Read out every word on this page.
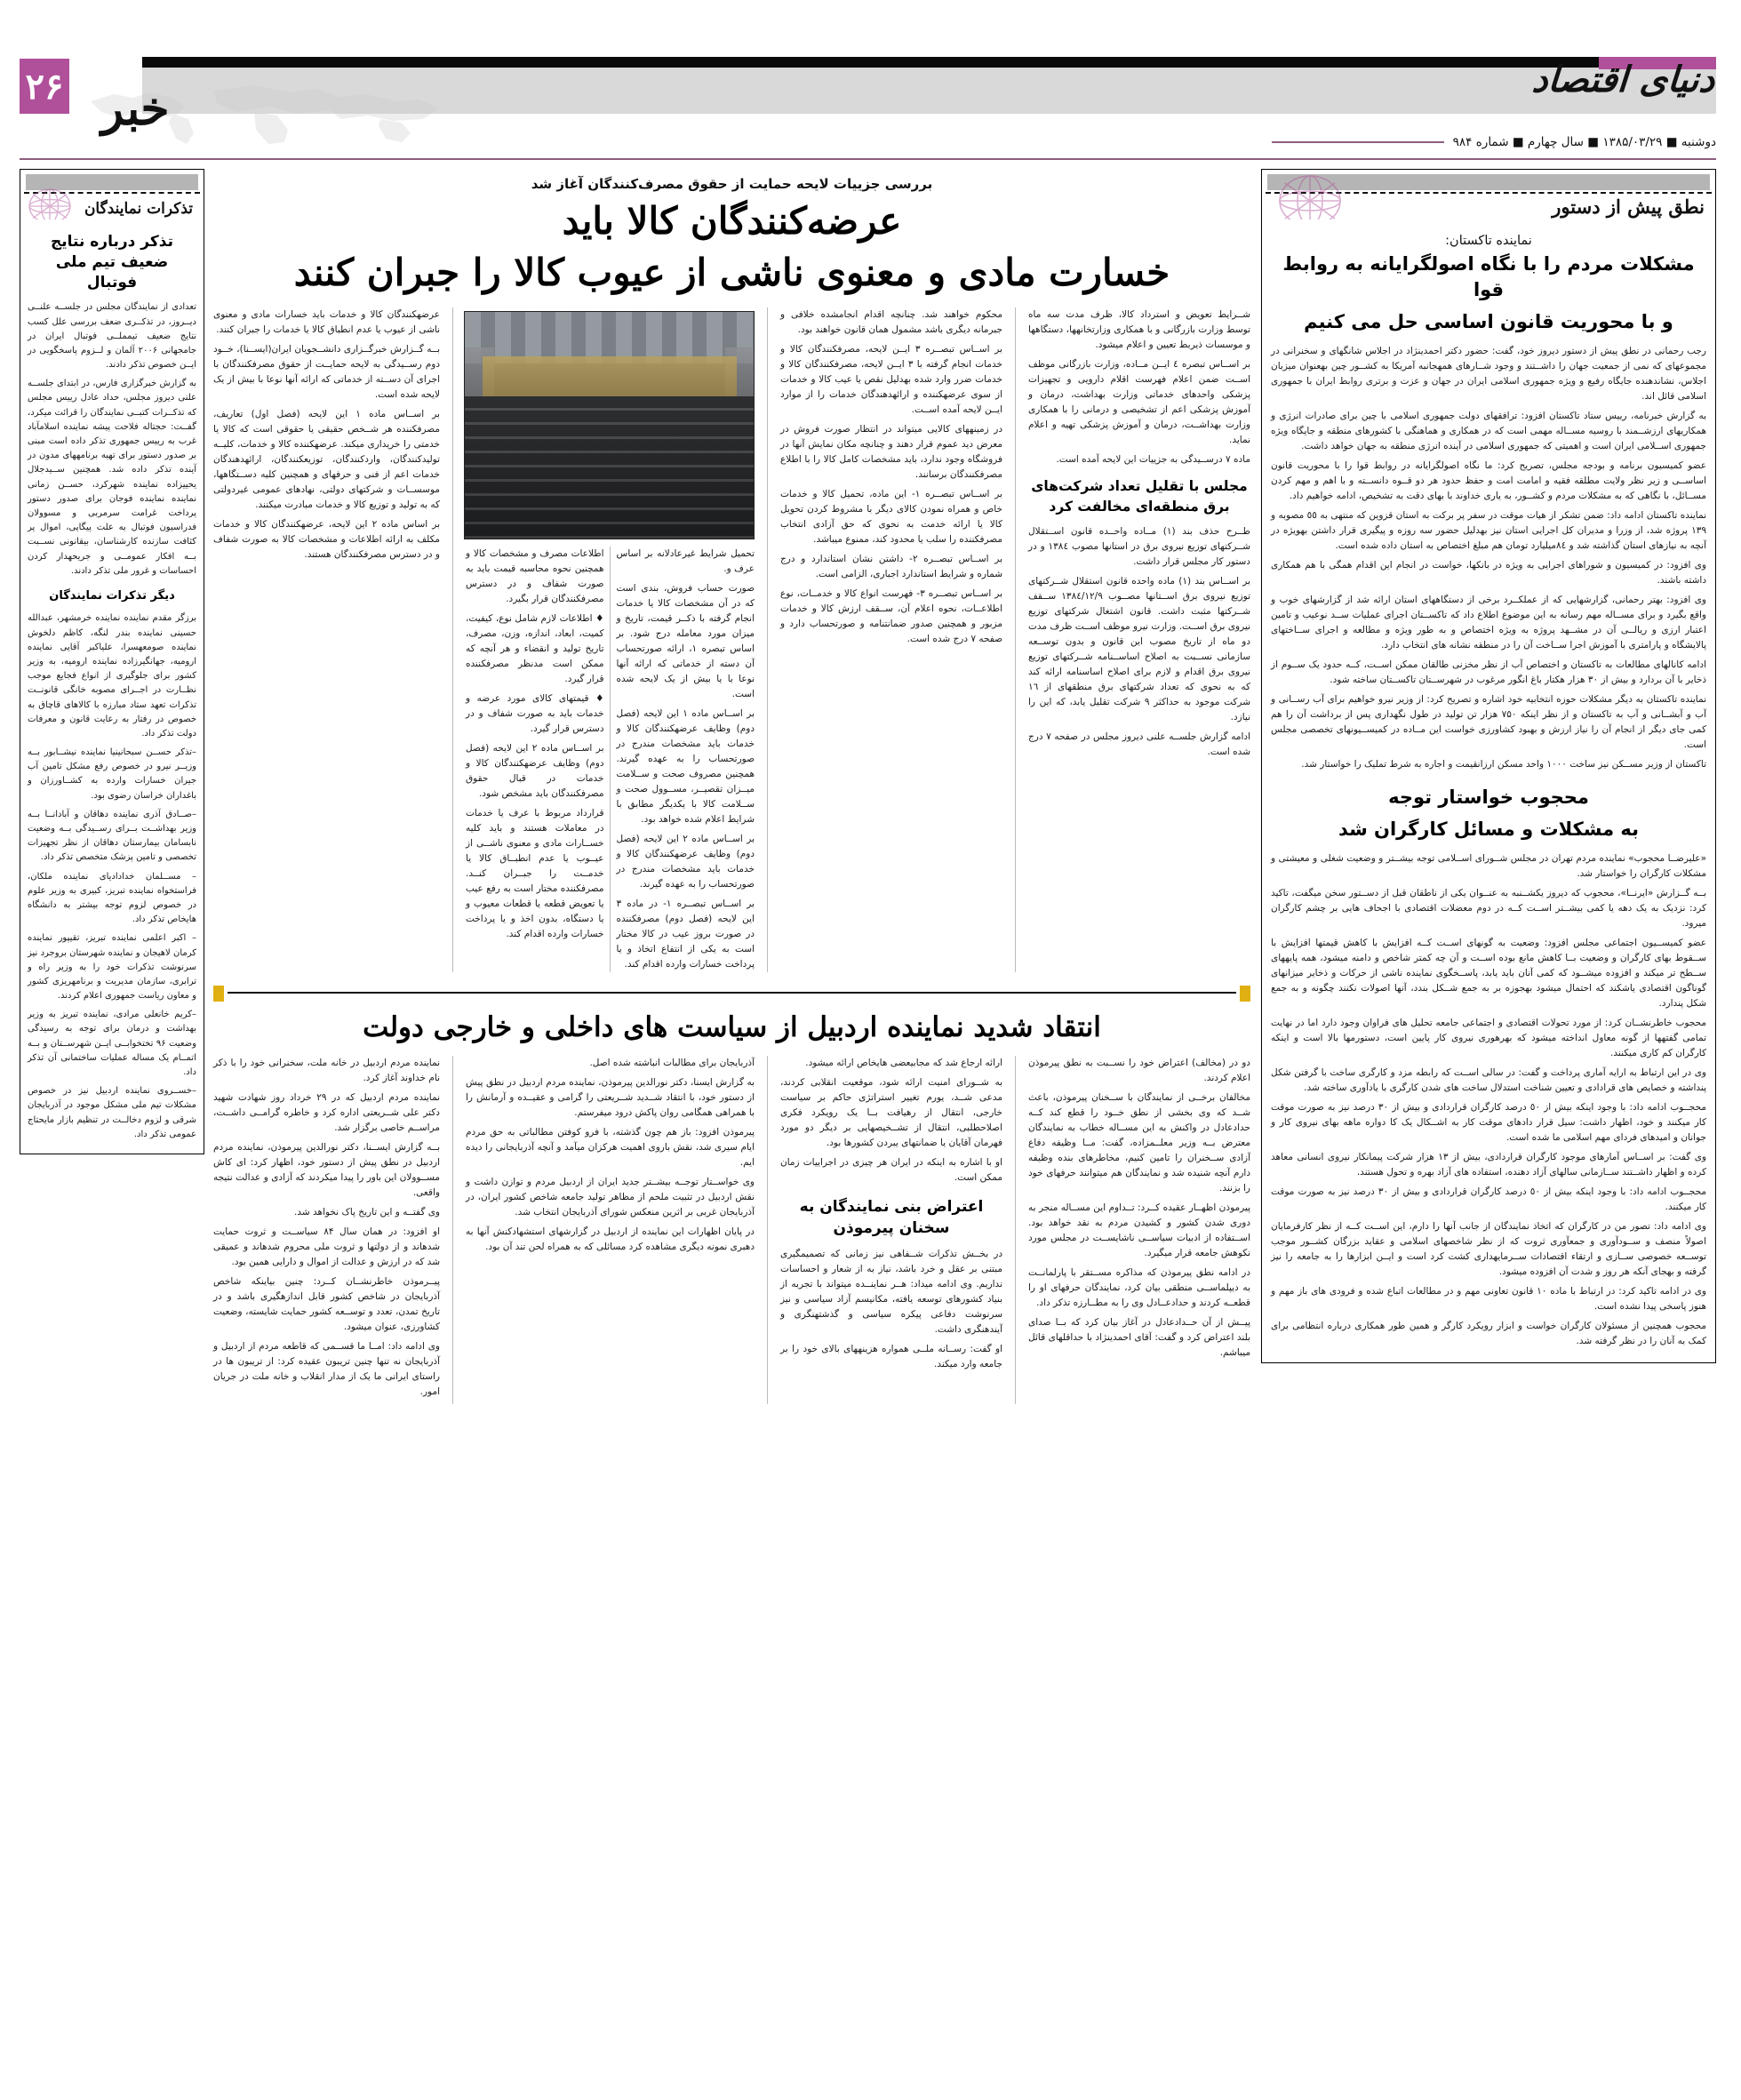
دنیای اقتصاد
۲۶ خبر
دوشنبه ■ ۱۳۸۵/۰۳/۲۹ ■ سال چهارم ■ شماره ۹۸۴
نطق پیش از دستور
نماینده تاکستان:
مشکلات مردم را با نگاه اصولگرایانه به روابط قوا
و با محوریت قانون اساسی حل می کنیم

رجب رحمانی در نطق پیش از دستور دیروز خود، گفت: حضور دکتر احمدینژاد در اجلاس شانگهای و سخنرانی در مجموعهای که نمی از جمعیت جهان را داشــتند و وجود شــارهای همهجانبه آمریکا به کشــور چین بهعنوان میزبان اجلاس، نشاندهنده جایگاه رفیع و ویژه جمهوری اسلامی ایران در جهان و عزت و برتری روابط ایران با جمهوری اسلامی قائل اند.

به گزارش خبرنامه، رییس ستاد تاکستان افزود: ترافقهای دولت جمهوری اسلامی با چین برای صادرات انرژی و همکاریهای ارزشــمند با روسیه مســاله مهمی است که در همکاری و هماهنگی با کشورهای منطقه و جایگاه ویژه جمهوری اســلامی ایران است و اهمیتی که جمهوری اسلامی در آینده انرژی منطقه به جهان خواهد داشت.

عضو کمیسیون برنامه و بودجه مجلس، تصریح کرد: ما نگاه اصولگرایانه در روابط قوا را با محوریت قانون اساســی و زیر نظر ولایت مطلقه فقیه و امامت امت و حفظ حدود هر دو قــوه دانســته و با اهم و مهم کردن مســائل، با نگاهی که به مشکلات مردم و کشــور، به یاری خداوند با بهای دقت به تشخیص، ادامه خواهیم داد.

نماینده تاکستان ادامه داد: ضمن تشکر از هیات موقت در سفر پر برکت به استان قزوین که منتهی به ٥٥ مصوبه و ١٣٩ پروژه شد، از وزرا و مدیران کل اجرایی استان نیز بهدلیل حضور سه روزه و پیگیری قرار داشتن بهویژه در آنچه به نیازهای استان گذاشته شد و ٨٤میلیارد تومان هم مبلغ اختصاص به استان داده شده است.

وی افزود: در کمیسیون و شوراهای اجرایی به ویژه در بانکها، خواست در انجام این اقدام همگی با هم همکاری داشته باشند.

وی افزود: بهتر رحمانی، گزارشهایی که از عملکــرد برخی از دستگاههای استان ارائه شد از گزارشهای خوب و واقع بگیرد و برای مســاله مهم رسانه به این موضوع اطلاع داد که تاکســتان اجرای عملیات ســد نوعیب و تامین اعتبار ارزی و ریالــی آن در مشــهد پروژه به ویژه اختصاص و به طور ویژه و مطالعه و اجرای ســاختهای پالایشگاه و پارامتری با آموزش اجرا ســاخت آن را در منطقه نشانه های انتخاب دارد.

ادامه کانالهای مطالعات به تاکستان و اختصاص آب از نظر مخزنی طالقان ممکن اســت، کــه حدود یک ســوم از ذخایر با آن بردارد و بیش از ۳۰ هزار هکتار باغ انگور مرغوب در شهرســتان تاکســتان ساخته شود.

نماینده تاکستان به دیگر مشکلات حوزه انتخابیه خود اشاره و تصریح کرد: از وزیر نیرو خواهیم برای آب رســانی و آب و آبشــانی و آب به تاکستان و از نظر اینکه ۷۵۰ هزار تن تولید در طول نگهداری پس از برداشت آن را هم کمی جای دیگر از انجام آن را نیاز ارزش و بهبود کشاورزی خواست این مــاده در کمیســیونهای تخصصی مجلس است.

تاکستان از وزیر مســکن نیز ساخت ١٠٠٠ واحد مسکن ارزانقیمت و اجاره به شرط تملیک را خواستار شد.

محجوب خواستار توجه
به مشکلات و مسائل کارگران شد

«علیرضــا محجوب» نماینده مردم تهران در مجلس شــورای اســلامی توجه بیشــتر و وضعیت شغلی و معیشتی و مشکلات کارگران را خواستار شد.

بــه گــزارش «ایرنــا»، محجوب که دیروز یکشــنبه به عنــوان یکی از ناطقان قبل از دســتور سخن میگفت، تاکید کرد: نزدیک به یک دهه یا کمی بیشــتر اســت کــه در دوم معضلات اقتصادی با اجحاف هایی بر چشم کارگران میرود.

عضو کمیســیون اجتماعی مجلس افزود: وضعیت به گونهای اســت کــه افزایش با کاهش قیمتها افزایش با ســقوط بهای کارگران و وضعیت بــا کاهش مانع بوده اســت و آن چه کمتر شاخص و دامنه میشود، همه پایههای ســطح تر میکند و افزوده میشــود که کمی آنان باید یابد، پاســخگوی نماینده ناشی از حرکات و ذخایر میزانهای گوناگون اقتصادی یاشکند که احتمال میشود بهجوزه بر به جمع شــکل بندد، آنها اصولات نکنند چگونه و به جمع شکل پندارد.

محجوب خاطرنشــان کرد: از مورد تحولات اقتصادی و اجتماعی جامعه تحلیل های فراوان وجود دارد اما در نهایت تمامی گفتهها از گونه معاول انداخته میشود که بهرهوری نیروی کار پایین است، دستورمها بالا است و اینکه کارگران کم کاری میکنند.

وی در این ارتباط به ارایه آماری پرداخت و گفت: در سالی اســت که رابطه مزد و کارگری ساخت با گرفتن شکل پنداشته و خصایص های قرادادی و تعیین شناخت استدلال ساخت های شدن کارگری با یادآوری ساخته شد.

محجــوب ادامه داد: با وجود اینکه بیش از ٥٠ درصد کارگران قراردادی و بیش از ٣٠ درصد نیز به صورت موقت کار میکنند و خود، اظهار داشت: سیل قرار دادهای موقت کار به اشــکال یک کا دواره ماهه بهای نیروی کار و جوانان و امیدهای فردای مهم اسلامی ما شده است.

وی گفت: بر اســاس آمارهای موجود کارگران قراردادی، بیش از ١٣ هزار شرکت پیمانکار نیروی انسانی معاهد کرده و اظهار داشــتند ســازمانی سالهای آزاد دهنده، استفاده های آزاد بهره و تحول هستند.

محجــوب ادامه داد: با وجود اینکه بیش از ٥٠ درصد کارگران قراردادی و بیش از ٣٠ درصد نیز به صورت موقت کار میکنند.

وی ادامه داد: تصور من در کارگران که اتخاذ نمایندگان از جانب آنها را دارم، این اســت کــه از نظر کارفرمایان اصولاً منصف و ســودآوری و جمعآوری ثروت که از نظر شاخصهای اسلامی و عقاید بزرگان کشــور موجب توســعه خصوصی ســازی و ارتقاء اقتصادات ســرمایهداری کشت کرد است و ایــن ابزارها را به جامعه را نیز گرفته و بهجای آنکه هر روز و شدت آن افزوده میشود.

وی در ادامه تاکید کرد: در ارتباط با ماده ۱۰ قانون تعاونی مهم و در مطالعات اتباع شده و فرودی های باز مهم و هنوز پاسخی پیدا نشده است.

محجوب همچنین از مسئولان کارگران خواست و ابزار رویکرد کارگر و همین طور همکاری درباره انتظامی برای کمک به آنان را در نظر گرفته شد.

تذکرات نمایندگان
تذکر درباره نتایج ضعیف تیم ملی فوتبال

تعدادی از نمایندگان مجلس در جلســه علنــی دیــروز، در تذکــری ضعف بررسی علل کسب نتایج ضعیف تیمملــی فوتبال ایران در جامجهانی ۲۰۰۶ آلمان و لــزوم پاسخگویی در ایــن خصوص تذکر دادند.

به گزارش خبرگزاری فارس، در ابتدای جلســه علنی دیروز مجلس، حداد عادل رییس مجلس که تذکــرات کتبــی نمایندگان را قرائت میکرد، گفــت: حجتاله فلاحت پیشه نماینده اسلامآباد غرب به رییس جمهوری تذکر داده است مبنی بر صدور دستور برای تهیه برنامههای مدون در آینده تذکر داده شد. همچنین ســیدجلال یحییزاده نماینده شهرکرد، حســن زمانی نماینده نماینده فوجان برای صدور دستور پرداخت غرامت سرمربی و مسوولان فدراسیون فوتبال به علت پیگاپی، اموال پر کثافت سازنده کارشناسان، بیقانونی نســبت بــه افکار عمومــی و جریحهدار کردن احساسات و غرور ملی تذکر دادند.

دیگر تذکرات نمایندگان

برزگر مقدم نماینده نماینده خرمشهر، عبدالله حسینی نماینده بندر لنگه، کاظم دلخوش نماینده صومعهسرا، علیاکبر آقایی نماینده ارومیه، جهانگیرزاده نماینده ارومیه، به وزیر کشور برای جلوگیری از انواع فجایع موجب نظــارت در اجــرای مصوبه خانگی قانونــت تذکرات تعهد ستاد مبارزه با کالاهای قاچاق به خصوص در رفتار به رعایت قانون و معرفات دولت تذکر داد.

–تذکر حســن سبحانینیا نماینده نیشــابور بــه وزیــر نیرو در خصوص رفع مشکل تامین آب جیران خسارات وارده به کشــاورزان و باغداران خراسان رضوی بود.

–صــادق آذری نماینده دهاقان و آبادانــا بــه وزیر بهداشــت بــرای رســیدگی بــه وضعیت نابسامان بیمارستان دهاقان از نظر تجهیزات تخصصی و تامین پزشک متخصص تذکر داد.

– مســلمان خدادادیای نماینده ملکان، فراستخواه نماینده تبریز، کبیری به وزیر علوم در خصوص لزوم توجه بیشتر به دانشگاه هایخاص تذکر داد.

– اکبر اعلمی نماینده تبریز، تقیپور نماینده کرمان لاهیجان و نماینده شهرستان بروجرد نیز سرنوشت تذکرات خود را به وزیر راه و ترابری، سازمان مدیریت و برنامهریزی کشور و معاون ریاست جمهوری اعلام کردند.

–کریم خانعلی مرادی، نماینده تبریز به وزیر بهداشت و درمان برای توجه به رسیدگی وضعیت ۹۶ تختخوابــی ایــن شهرســتان و بــه اتمــام یک مساله عملیات ساختمانی آن تذکر داد.

–خســروی نماینده اردبیل نیز در خصوص مشکلات تیم ملی مشکل موجود در آذربایجان شرقی و لزوم دخالــت در تنظیم بازار مایحتاج عمومی تذکر داد.

بررسی جزییات لایحه حمایت از حقوق مصرف‌کنندگان آغاز شد
عرضه‌کنندگان کالا باید
خسارت مادی و معنوی ناشی از عیوب کالا را جبران کنند

شــرایط تعویض و استرداد کالا، ظرف مدت سه ماه توسط وزارت بازرگانی و با همکاری وزارتخانهها، دستگاهها و موسسات ذیربط تعیین و اعلام میشود.

بر اســاس تبصره ٤ ایــن مــاده، وزارت بازرگانی موظف اســت ضمن اعلام فهرست اقلام دارویی و تجهیزات پزشکی واحدهای خدماتی وزارت بهداشت، درمان و آموزش پزشکی اعم از تشخیصی و درمانی را با همکاری وزارت بهداشــت، درمان و آموزش پزشکی تهیه و اعلام نماید.

ماده ۷ درســیدگی به جزییات این لایحه آمده است.

مجلس با تقلیل تعداد شرکت‌های برق منطقه‌ای مخالفت کرد

طــرح حذف بند (١) مــاده واحــده قانون اســتقلال شــرکتهای توزیع نیروی برق در استانها مصوب ١٣٨٤ و در دستور کار مجلس قرار داشت.

بر اســاس بند (١) ماده واحده قانون استقلال شــرکتهای توزیع نیروی برق اســتانها مصــوب ١٣٨٤/١٢/٩ ســقف شــرکتها مثبت داشت. قانون اشتغال شرکتهای توزیع نیروی برق اســت. وزارت نیرو موظف اســت ظرف مدت دو ماه از تاریخ مصوب این قانون و بدون توســعه سازمانی نســبت به اصلاح اساســنامه شــرکتهای توزیع نیروی برق اقدام و لازم برای اصلاح اساسنامه ارائه کند که به نحوی که تعداد شرکتهای برق منطقهای از ١٦ شرکت موجود به حداکثر ٩ شرکت تقلیل یابد، که این را نیازد.

ادامه گزارش جلســه علنی دیروز مجلس در صفحه ۷ درج شده است.

محکوم خواهند شد. چنانچه اقدام انجامشده خلافی و جبرمانه دیگری باشد مشمول همان قانون خواهند بود.

بر اســاس تبصــره ٣ ایــن لایحه، مصرفکنندگان کالا و خدمات انجام گرفته با ٣ ایــن لایحه، مصرفکنندگان کالا و خدمات ضرر وارد شده بهدلیل نقص یا عیب کالا و خدمات از سوی عرضهکننده و ارائهدهندگان خدمات را از موارد ایــن لایحه آمده اســت.

در زمینههای کالایی میتواند در انتظار صورت فروش در معرض دید عموم قرار دهند و چنانچه مکان نمایش آنها در فروشگاه وجود ندارد، باید مشخصات کامل کالا را با اطلاع مصرفکنندگان برسانند.

بر اســاس تبصــره ۱- این ماده، تحمیل کالا و خدمات خاص و همراه نمودن کالای دیگر با مشروط کردن تحویل کالا یا ارائه خدمت به نحوی که حق آزادی انتخاب مصرفکننده را سلب یا محدود کند، ممنوع میباشد.

بر اســاس تبصــره ۲- داشتن نشان استاندارد و درج شماره و شرایط استاندارد اجباری، الزامی است.

بر اســاس تبصــره ۳- فهرست انواع کالا و خدمــات، نوع اطلاعــات، نحوه اعلام آن، ســقف ارزش کالا و خدمات مزبور و همچنین صدور ضمانتنامه و صورتحساب دارد و صفحه ٧ درج شده است.

تحمیل شرایط غیرعادلانه بر اساس عرف و.

صورت حساب فروش، بندی است که در آن مشخصات کالا یا خدمات انجام گرفته با ذکــر قیمت، تاریخ و میزان مورد معامله درج شود. بر اساس تبصره ۱، ارائه صورتحساب آن دسته از خدماتی که ارائه آنها نوعا با یا بیش از یک لایحه شده است.

بر اســاس ماده ۱ این لایحه (فصل دوم) وظایف عرضهکنندگان کالا و خدمات باید مشخصات مندرج در صورتحساب را به عهده گیرند. همچنین مصروف صحت و ســلامت میــزان تقصیــر، مســوول صحت و ســلامت کالا با یکدیگر مطابق با شرایط اعلام شده خواهد بود.

بر اســاس ماده ۲ این لایحه (فصل دوم) وظایف عرضهکنندگان کالا و خدمات باید مشخصات مندرج در صورتحساب را به عهده گیرند.

بر اســاس تبصــره ۱- در ماده ۳ این لایحه (فصل دوم) مصرفکننده در صورت بروز عیب در کالا مختار است به یکی از انتفاع اتخاذ و یا پرداخت خسارات وارده اقدام کند.

اطلاعات مصرف و مشخصات کالا و همچنین نحوه محاسبه قیمت باید به صورت شفاف و در دسترس مصرفکنندگان قرار بگیرد.

♦ اطلاعات لازم شامل نوع، کیفیت، کمیت، ابعاد، اندازه، وزن، مصرف، تاریخ تولید و انقضاء و هر آنچه که ممکن است مدنظر مصرفکننده قرار گیرد.

♦ قیمتهای کالای مورد عرضه و خدمات باید به صورت شفاف و در دسترس قرار گیرد.

بر اســاس ماده ۲ این لایحه (فصل دوم) وظایف عرضهکنندگان کالا و خدمات در قبال حقوق مصرفکنندگان باید مشخص شود.

قرارداد مربوط با عرف یا خدمات در معاملات هستند و باید کلیه خســارات مادی و معنوی ناشــی از عیــوب یا عدم انطبــاق کالا یا خدمــت را جبــران کنــد. مصرفکننده مختار است به رفع عیب یا تعویض قطعه یا قطعات معیوب و یا دستگاه، بدون اخذ و یا پرداخت خسارات وارده اقدام کند.

عرضهکنندگان کالا و خدمات باید خسارات مادی و معنوی ناشی از عیوب یا عدم انطباق کالا یا خدمات را جبران کنند.

بــه گــزارش خبرگــزاری دانشــجویان ایران(ایســنا)، خــود دوم رســیدگی به لایحه حمایــت از حقوق مصرفکنندگان با اجرای آن دســته از خدماتی که ارائه آنها نوعا با بیش از یک لایحه شده است.

بر اســاس ماده ۱ این لایحه (فصل اول) تعاریف، مصرفکننده هر شــخص حقیقی یا حقوقی است که کالا یا خدمتی را خریداری میکند. عرضهکننده کالا و خدمات، کلیــه تولیدکنندگان، واردکنندگان، توزیعکنندگان، ارائهدهندگان خدمات اعم از فنی و حرفهای و همچنین کلیه دســتگاهها، موسســات و شرکتهای دولتی، نهادهای عمومی غیردولتی که به تولید و توزیع کالا و خدمات مبادرت میکنند.

بر اساس ماده ۲ این لایحه، عرضهکنندگان کالا و خدمات مکلف به ارائه اطلاعات و مشخصات کالا به صورت شفاف و در دسترس مصرفکنندگان هستند.

انتقاد شدید نماینده اردبیل از سیاست های داخلی و خارجی دولت

دو در (مخالف) اعتراض خود را نســبت به نطق پیرموذن اعلام کردند.

مخالفان برخــی از نمایندگان با ســخنان پیرموذن، باعث شــد که وی بخشی از نطق خــود را قطع کند کــه حدادعادل در واکنش به این مســاله خطاب به نمایندگان معترض بــه وزیر معلــمزاده، گفت: مــا وظیفه دفاع آزادی ســخنران را تامین کنیم، مخاطرهای بنده وظیفه دارم آنچه شنیده شد و نمایندگان هم میتوانند حرفهای خود را بزنند.

پیرموذن اظهــار عقیده کــرد: تــداوم این مســاله منجر به دوری شدن کشور و کشیدن مردم به نقد خواهد بود. اســتفاده از ادبیات سیاســی ناشایســت در مجلس مورد نکوهش جامعه قرار میگیرد.

در ادامه نطق پیرموذن که مذاکره مســتقر با پارلمانــت به دیپلماســی منطقی بیان کرد، نمایندگان حرفهای او را قطعــه کردند و حدادعــادل وی را به مطــارزه تذکر داد.

پیــش از آن حــدادعادل در آغاز بیان کرد که بــا صدای بلند اعتراض کرد و گفت: آقای احمدینژاد با حداقلهای قائل میباشم.

ارائه ارجاع شد که مجابیعضی هایخاص ارائه میشود.

به شــورای امنیت ارائه شود، موقعیت انقلابی کردند، مدعی شــد، یورم تغییر استراتژی حاکم بر سیاست خارجی، انتقال از رهیافت بــا یک رویکرد فکری اصلاحطلبی، انتقال از تشــخیصهایی بر دیگر دو مورد فهرمان آقایان یا ضمانتهای یبردن کشورها بود.

او با اشاره به اینکه در ایران هر چیزی در اجراییات زمان ممکن است.

اعتراض بنی نمایندگان به سخنان پیرموذن

در بخــش تذکرات شــفاهی نیز زمانی که تصمیمگیری مبتنی بر عقل و خرد باشد، نیاز به از شعار و احساسات نداریم. وی ادامه میداد: هــر نماینــده میتواند با تجربه از بنیاد کشورهای توسعه یافته، مکانیسم آزاد سیاسی و نیز سرنوشت دفاعی پیکره سیاسی و گذشتهنگری و آیندهنگری داشت.

او گفت: رســانه ملــی همواره هزینههای بالای خود را بر جامعه وارد میکند.

آذربایجان برای مطالبات انباشته شده اصل.

به گزارش ایسنا، دکتر نورالدین پیرموذن، نماینده مردم اردبیل در نطق پیش از دستور خود، با انتقاد شــدید شــریعتی را گرامی و عقیــده و آرمانش را با همراهی همگامی روان پاکش درود میفرستم.

پیرموذن افزود: باز هم چون گذشته، با فرو کوفتن مطالباتی به حق مردم ایام سیری شد، نقش باروی اهمیت هرکزان میآمد و آنچه آذربایجانی را دیده ایم.

وی خواســتار توجــه بیشــتر جدید ایران از اردبیل مردم و توازن داشت و نقش اردبیل در تثبیت ملحم از مظاهر تولید جامعه شاخص کشور ایران، در آذربایجان غربی بر اثرین منعکس شورای آذربایجان انتخاب شد.

در پایان اظهارات این نماینده از اردبیل در گزارشهای استشهادکنش آنها به دهبری نمونه دیگری مشاهده کرد مسائلی که به همراه لحن تند آن بود.

نماینده مردم اردبیل در خانه ملت، سخنرانی خود را با ذکر نام خداوند آغاز کرد.

نماینده مردم اردبیل که در ۲۹ خرداد روز شهادت شهید دکتر علی شــریعتی اداره کرد و خاطره گرامــی داشــت، مراســم خاصی برگزار شد.

بــه گزارش ایســنا، دکتر نورالدین پیرموذن، نماینده مردم اردبیل در نطق پیش از دستور خود، اظهار کرد: ای کاش مســوولان این باور را پیدا میکردند که آزادی و عدالت نتیجه واقعی.

وی گفتــه و این تاریخ پاک نخواهد شد.

او افزود: در همان سال ۸۴ سیاســت و ثروت حمایت شدهاند و از دولتها و ثروت ملی محروم شدهاند و عمیقی شد که در ارزش و عدالت از اموال و دارایی همین بود.

پیــرموذن خاطرنشــان کــرد: چنین بیاینکه شاخص آذربایجان در شاخص کشور قابل اندازهگیری باشد و در تاریخ تمدن، تعدد و توســعه کشور حمایت شایسته، وضعیت کشاورزی، عنوان میشود.

وی ادامه داد: امــا ما قســمی که قاطعه مردم از اردبیل و آذربایجان نه تنها چنین تریبون عقیده کرد: از تریبون ها در راستای ایرانی ما یک از مدار انقلاب و خانه ملت در جریان امور.
